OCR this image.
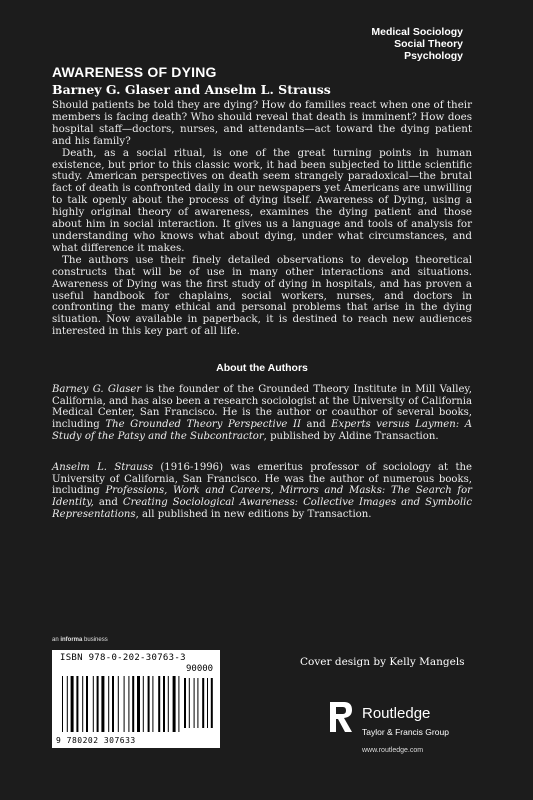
Medical Sociology
Social Theory
Psychology
AWARENESS OF DYING
Barney G. Glaser and Anselm L. Strauss

Should patients be told they are dying? How do families react when one of their members is facing death? Who should reveal that death is imminent? How does hospital staff—doctors, nurses, and attendants—act toward the dying patient and his family?

Death, as a social ritual, is one of the great turning points in human existence, but prior to this classic work, it had been subjected to little scientific study. American perspectives on death seem strangely paradoxical—the brutal fact of death is confronted daily in our newspapers yet Americans are unwilling to talk openly about the process of dying itself. Awareness of Dying, using a highly original theory of awareness, examines the dying patient and those about him in social interaction. It gives us a language and tools of analysis for understanding who knows what about dying, under what circumstances, and what difference it makes.

The authors use their finely detailed observations to develop theoretical constructs that will be of use in many other interactions and situations. Awareness of Dying was the first study of dying in hospitals, and has proven a useful handbook for chaplains, social workers, nurses, and doctors in confronting the many ethical and personal problems that arise in the dying situation. Now available in paperback, it is destined to reach new audiences interested in this key part of all life.

About the Authors

Barney G. Glaser is the founder of the Grounded Theory Institute in Mill Valley, California, and has also been a research sociologist at the University of California Medical Center, San Francisco. He is the author or coauthor of several books, including The Grounded Theory Perspective II and Experts versus Laymen: A Study of the Patsy and the Subcontractor, published by Aldine Transaction.

Anselm L. Strauss (1916-1996) was emeritus professor of sociology at the University of California, San Francisco. He was the author of numerous books, including Professions, Work and Careers, Mirrors and Masks: The Search for Identity, and Creating Sociological Awareness: Collective Images and Symbolic Representations, all published in new editions by Transaction.

an informa business
ISBN 978-0-202-30763-3
90000
9 780202 307633
Cover design by Kelly Mangels
Routledge
Taylor & Francis Group
www.routledge.com
